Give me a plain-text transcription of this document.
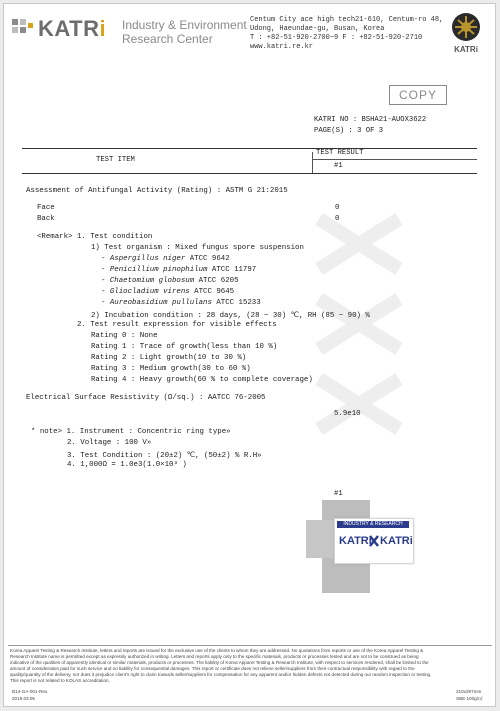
KATRi Industry & Environment
Research Center
Centum City ace high tech21-610, Centum-ro 48,
Udong, Haeundae-gu, Busan, Korea
T : +82-51-920-2700~9 F : +82-51-920-2710
www.katri.re.kr	KATRi
COPY
KATRI NO : BSHA21-AUOX3622
PAGE(S) : 3 OF 3
TEST ITEM
TEST RESULT
#1
Assessment of Antifungal Activity (Rating) : ASTM G 21:2015
Face	0
Back	0
<Remark> 1. Test condition
1) Test organism : Mixed fungus spore suspension
- Aspergillus niger ATCC 9642
- Penicillium pinophilum ATCC 11797
- Chaetomium globosum ATCC 6205
- Gliocladium virens ATCC 9645
- Aureobasidium pullulans ATCC 15233
2) Incubation condition : 28 days, (28 ~ 30) ℃, RH (85 ~ 90) %
2. Test result expression for visible effects
Rating 0 : None
Rating 1 : Trace of growth(less than 10 %)
Rating 2 : Light growth(10 to 30 %)
Rating 3 : Medium growth(30 to 60 %)
Rating 4 : Heavy growth(60 % to complete coverage)
Electrical Surface Resistivity (Ω/sq.) : AATCC 76-2005
5.9e10
* note> 1. Instrument : Concentric ring type»
2. Voltage : 100 V»
3. Test Condition : (20±2) ℃, (50±2) % R.H»
4. 1,000Ω = 1.0e3(1.0×10³ )
#1
INDUSTRY & RESEARCH
KATRi KATRi
Korea Apparel Testing & Research Institute, letters and reports are issued for the exclusive use of the clients to whom they are addressed. No quotations from reports or use of the Korea Apparel Testing &
Research Institute name is permitted except as expressly authorized in writing. Letters and reports apply only to the specific materials, products or processes tested and are not to be construed as being
indicative of the qualities of apparently identical or similar materials, products or processes. The liability of Korea Apparel Testing & Research Institute, with respect to services rendered, shall be limited to the
amount of consideration paid for such service and no liability for consequential damages. This report or certificate does not relieve seller/suppliers from their contractual responsibility with regard to the
quality/quantity of the delivery, nor does it prejudice client's right to claim towards seller/suppliers for compensation for any apparent and/or hidden defects not detected during our random inspection or testing.
This report is not related to KOLAS accreditation.
B14-GA-001-Rev.
2019.03.05
210x297mm
SBE 100g/㎡
